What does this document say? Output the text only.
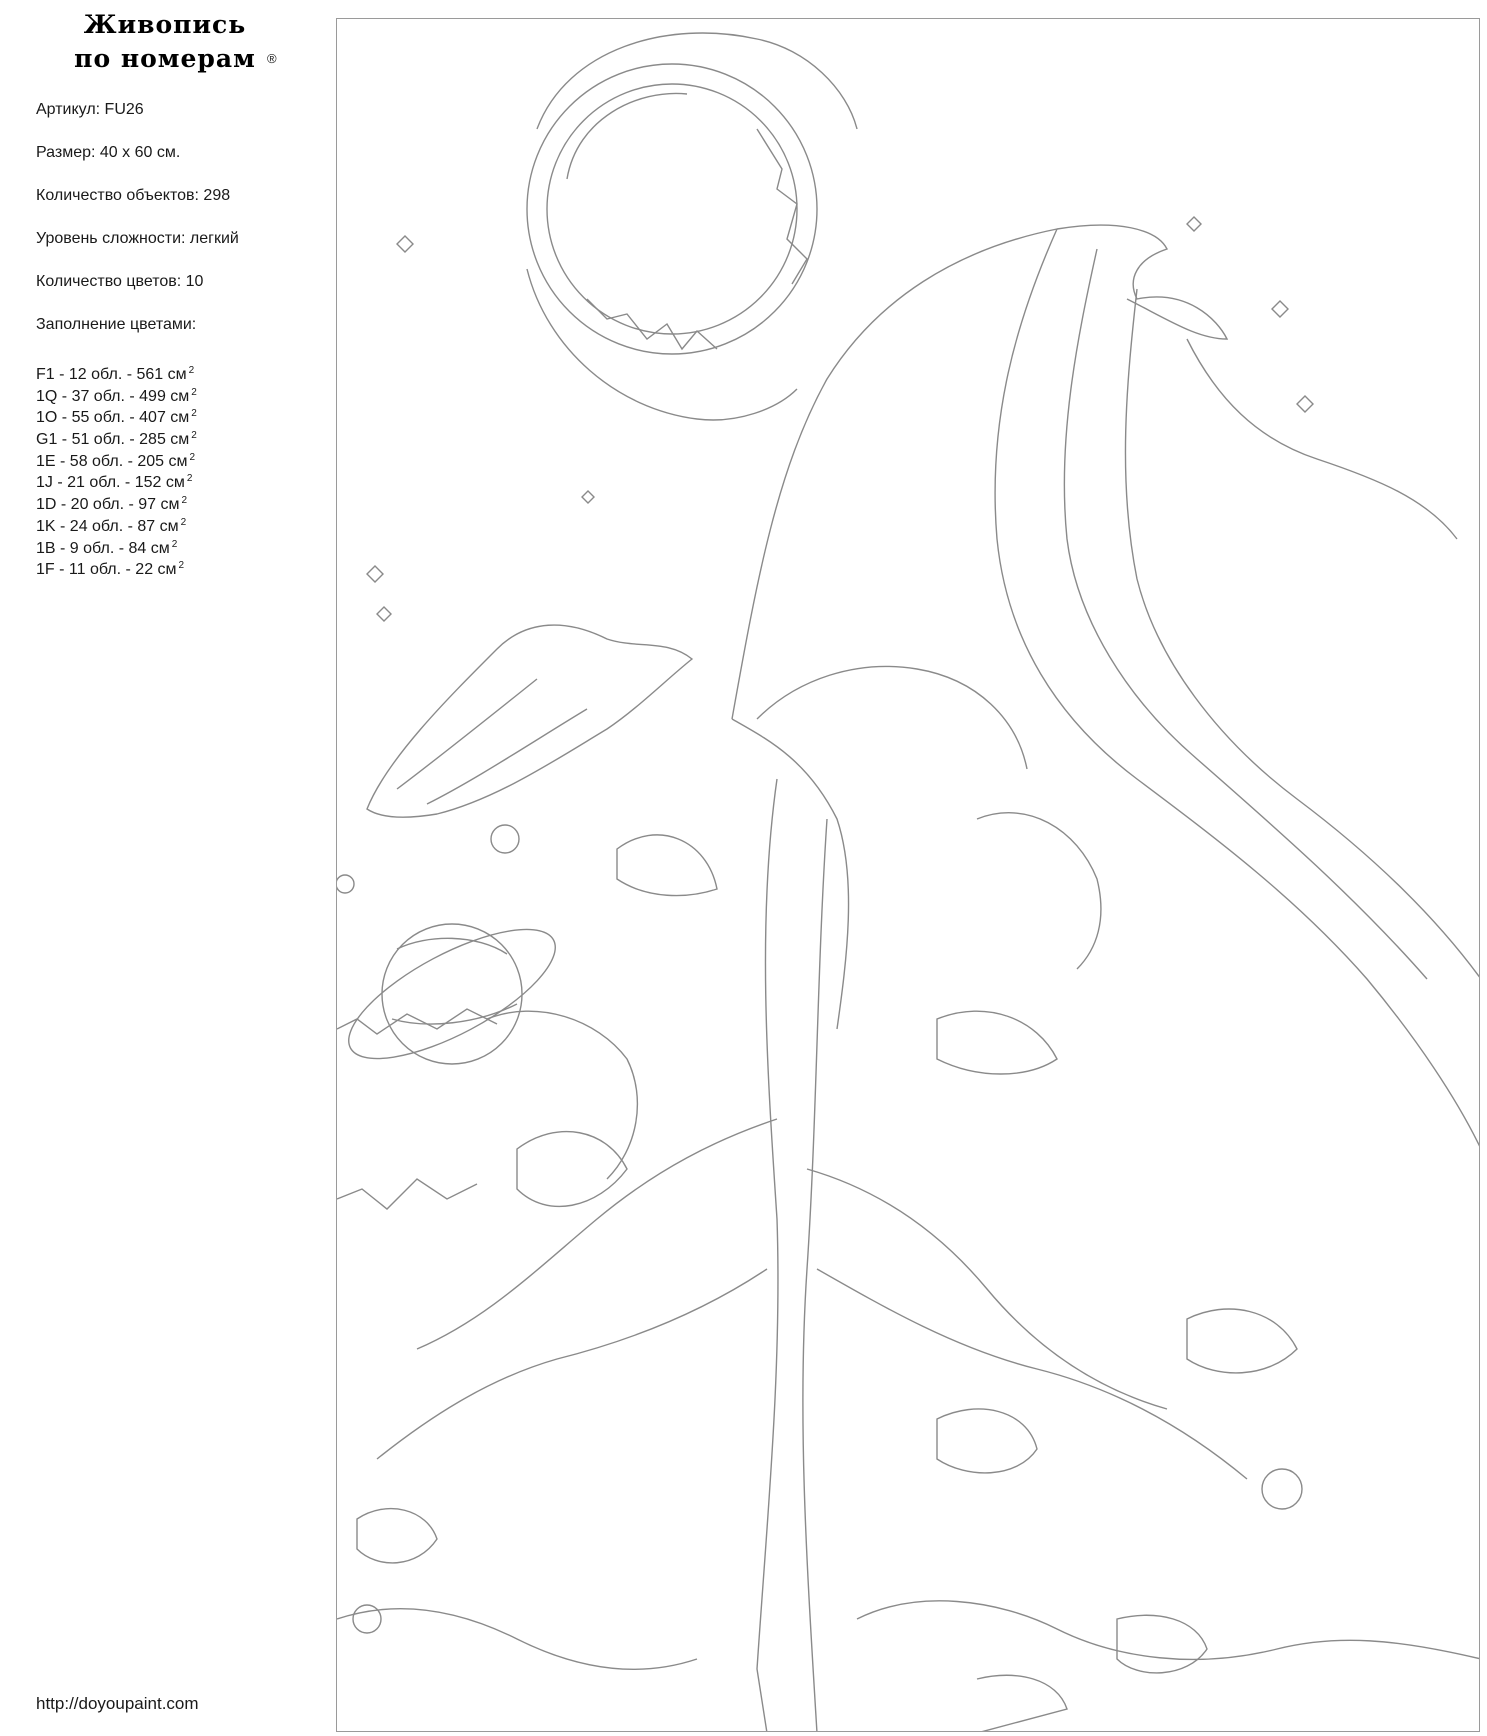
Живопись
по номерам ®
Артикул: FU26
Размер: 40 х 60 см.
Количество объектов: 298
Уровень сложности: легкий
Количество цветов: 10
Заполнение цветами:
F1 - 12 обл. - 561 см $^2$
1Q - 37 обл. - 499 см $^2$
1O - 55 обл. - 407 см $^2$
G1 - 51 обл. - 285 см $^2$
1E - 58 обл. - 205 см $^2$
1J - 21 обл. - 152 см $^2$
1D - 20 обл. - 97 см $^2$
1K - 24 обл. - 87 см $^2$
1B - 9 обл. - 84 см $^2$
1F - 11 обл. - 22 см $^2$
http://doyoupaint.com
